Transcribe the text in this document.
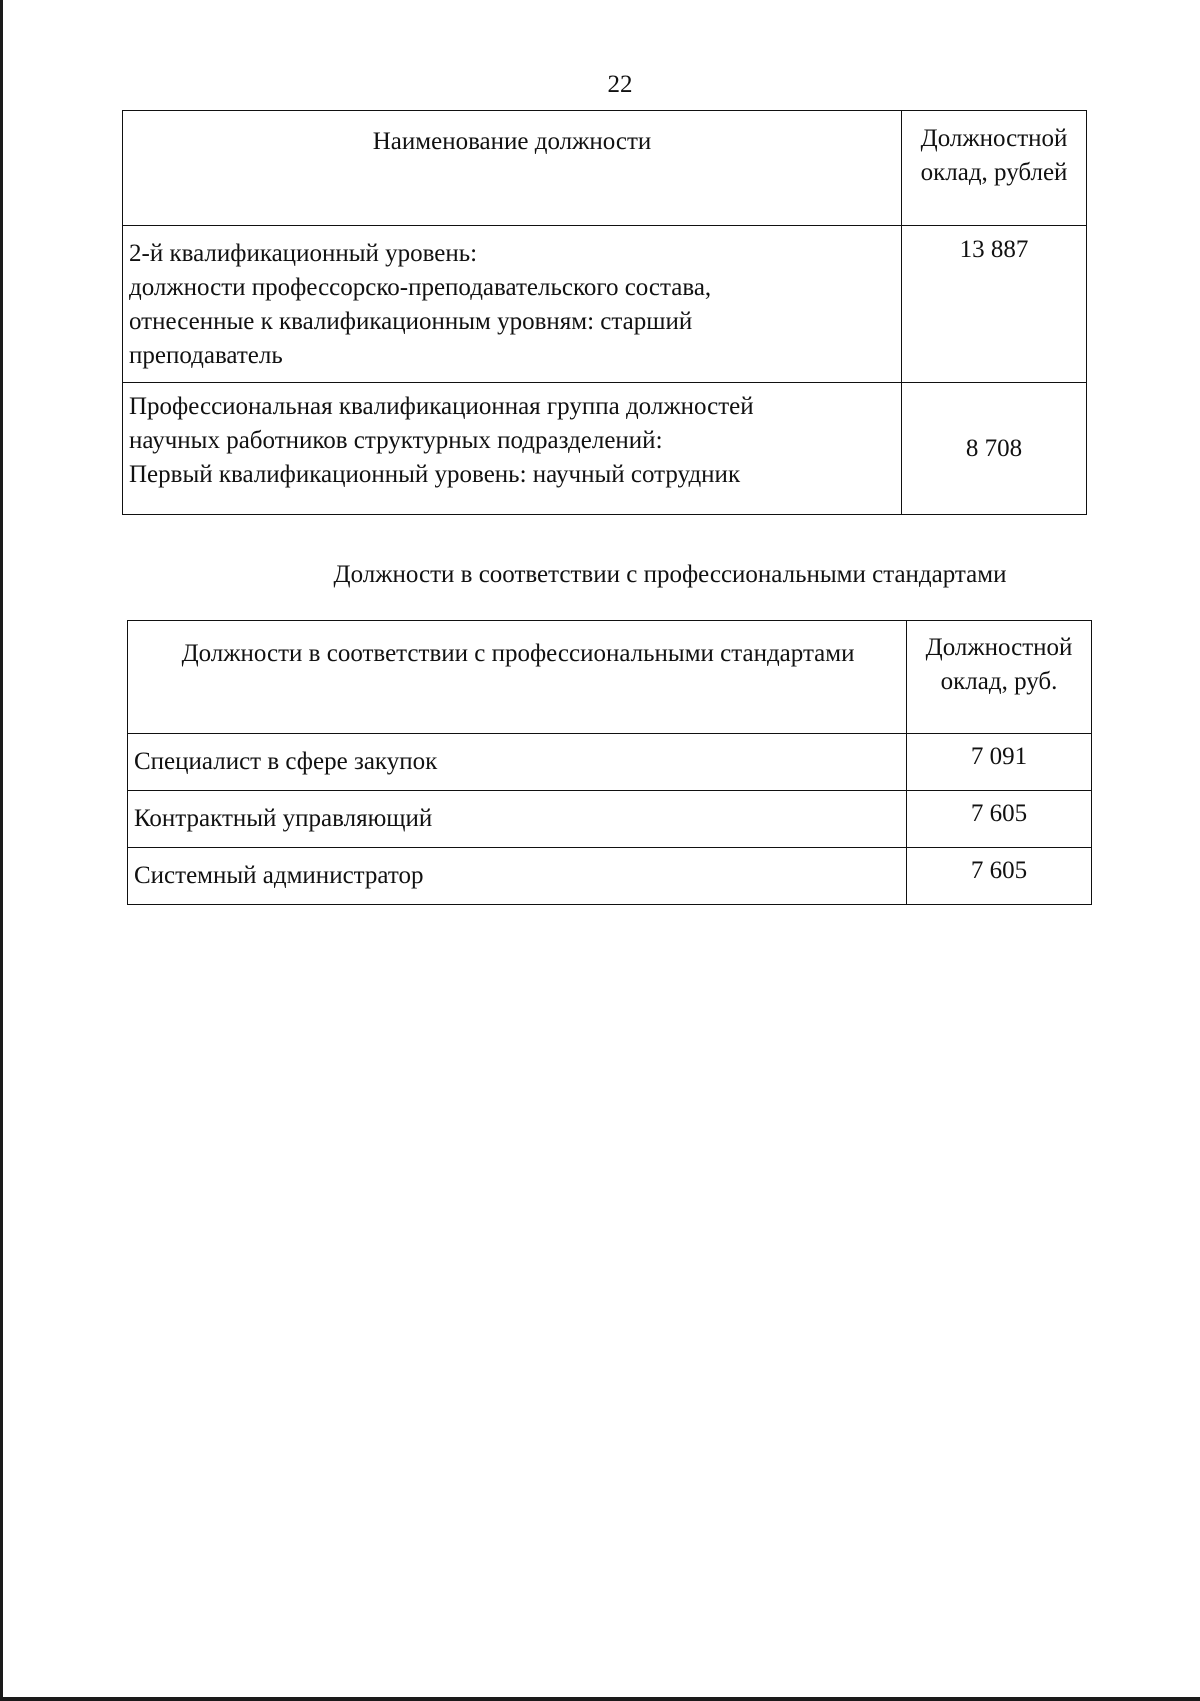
22
Наименование должности	Должностной
оклад, рублей

2-й квалификационный уровень:
должности профессорско-преподавательского состава,
отнесенные к квалификационным уровням: старший
преподаватель	13 887

Профессиональная квалификационная группа должностей
научных работников структурных подразделений:
Первый квалификационный уровень: научный сотрудник	8 708
Должности в соответствии с профессиональными стандартами
Должности в соответствии с профессиональными стандартами	Должностной
оклад, руб.

Специалист в сфере закупок	7 091
Контрактный управляющий	7 605
Системный администратор	7 605
